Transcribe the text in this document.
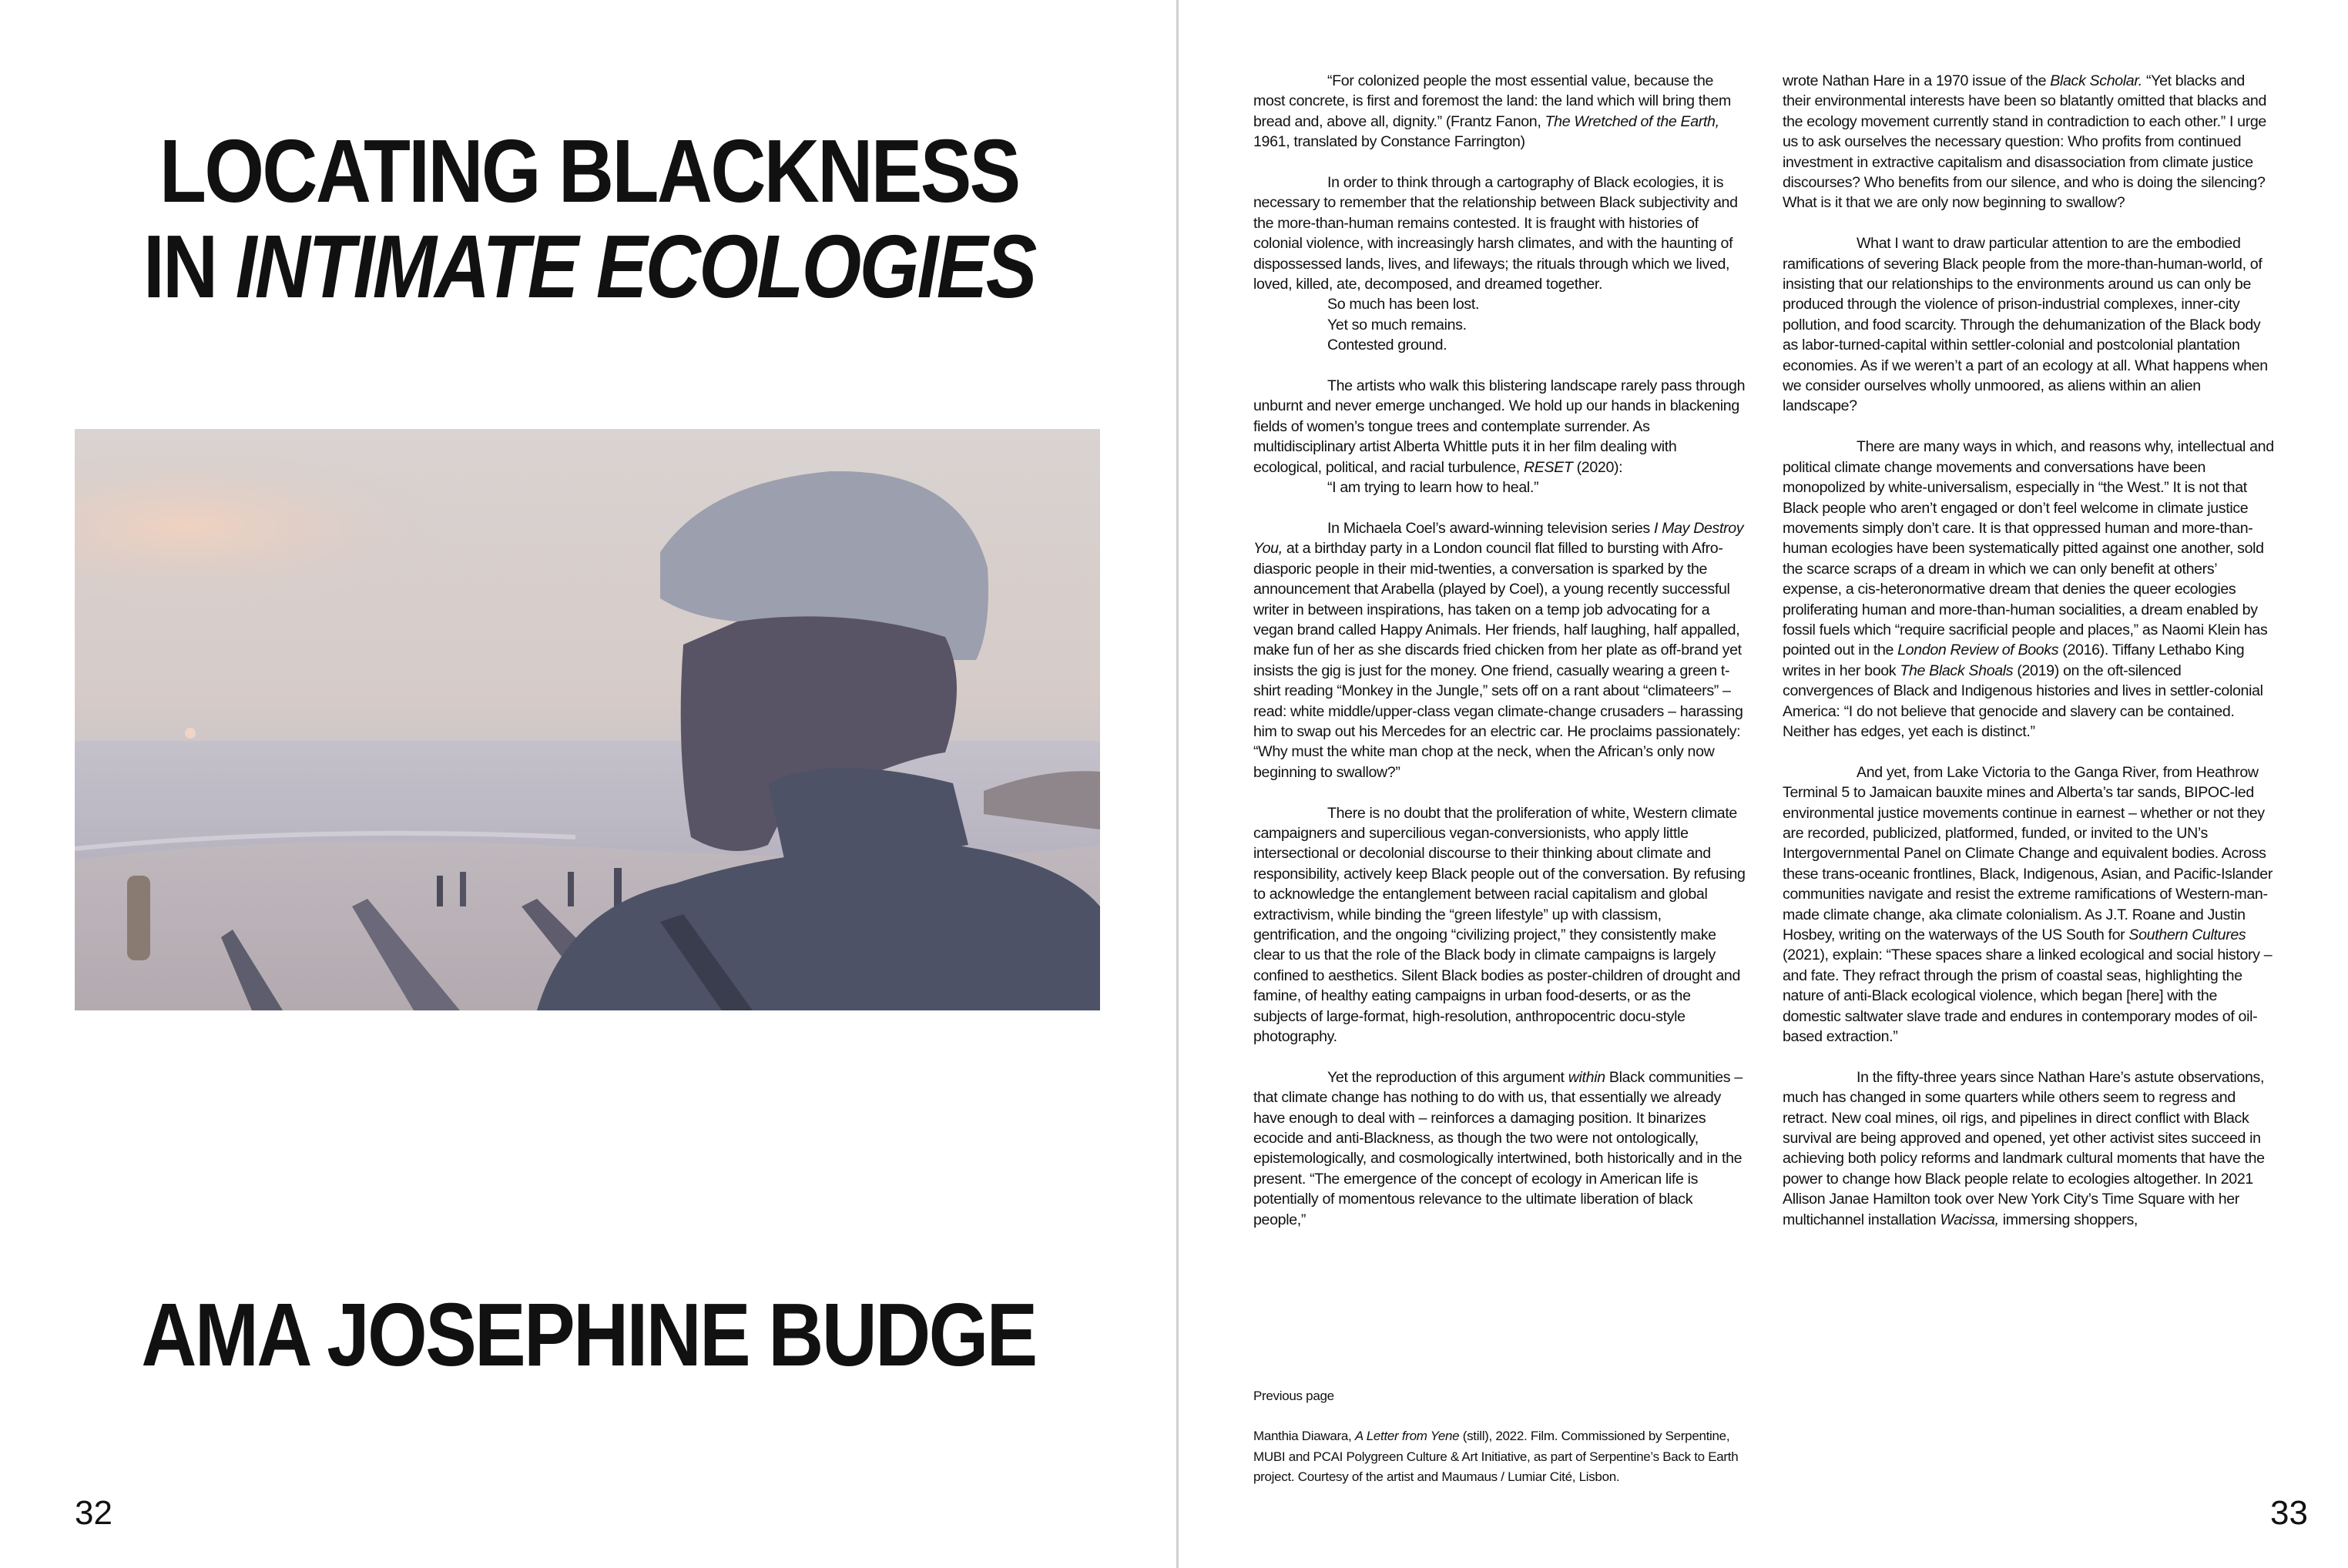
LOCATING BLACKNESS
IN INTIMATE ECOLOGIES
AMA JOSEPHINE BUDGE
32

“For colonized people the most essential value, because the most concrete, is first and foremost the land: the land which will bring them bread and, above all, dignity.” (Frantz Fanon, The Wretched of the Earth, 1961, translated by Constance Farrington)

In order to think through a cartography of Black ecologies, it is necessary to remember that the relationship between Black subjectivity and the more-than-human remains contested. It is fraught with histories of colonial violence, with increasingly harsh climates, and with the haunting of dispossessed lands, lives, and lifeways; the rituals through which we lived, loved, killed, ate, decomposed, and dreamed together.

So much has been lost.
Yet so much remains.
Contested ground.

The artists who walk this blistering landscape rarely pass through unburnt and never emerge unchanged. We hold up our hands in blackening fields of women’s tongue trees and contemplate surrender. As multidisciplinary artist Alberta Whittle puts it in her film dealing with ecological, political, and racial turbulence, RESET (2020):
“I am trying to learn how to heal.”

In Michaela Coel’s award-winning television series I May Destroy You, at a birthday party in a London council flat filled to bursting with Afro-diasporic people in their mid-twenties, a conversation is sparked by the announcement that Arabella (played by Coel), a young recently successful writer in between inspirations, has taken on a temp job advocating for a vegan brand called Happy Animals. Her friends, half laughing, half appalled, make fun of her as she discards fried chicken from her plate as off-brand yet insists the gig is just for the money. One friend, casually wearing a green t-shirt reading “Monkey in the Jungle,” sets off on a rant about “climateers” – read: white middle/upper-class vegan climate-change crusaders – harassing him to swap out his Mercedes for an electric car. He proclaims passionately: “Why must the white man chop at the neck, when the African’s only now beginning to swallow?”

There is no doubt that the proliferation of white, Western climate campaigners and supercilious vegan-conversionists, who apply little intersectional or decolonial discourse to their thinking about climate and responsibility, actively keep Black people out of the conversation. By refusing to acknowledge the entanglement between racial capitalism and global extractivism, while binding the “green lifestyle” up with classism, gentrification, and the ongoing “civilizing project,” they consistently make clear to us that the role of the Black body in climate campaigns is largely confined to aesthetics. Silent Black bodies as poster-children of drought and famine, of healthy eating campaigns in urban food-deserts, or as the subjects of large-format, high-resolution, anthropocentric docu-style photography.

Yet the reproduction of this argument within Black communities – that climate change has nothing to do with us, that essentially we already have enough to deal with – reinforces a damaging position. It binarizes ecocide and anti-Blackness, as though the two were not ontologically, epistemologically, and cosmologically intertwined, both historically and in the present. “The emergence of the concept of ecology in American life is potentially of momentous relevance to the ultimate liberation of black people,”

Previous page
Manthia Diawara, A Letter from Yene (still), 2022. Film. Commissioned by Serpentine, MUBI and PCAI Polygreen Culture & Art Initiative, as part of Serpentine’s Back to Earth project. Courtesy of the artist and Maumaus / Lumiar Cité, Lisbon.

wrote Nathan Hare in a 1970 issue of the Black Scholar. “Yet blacks and their environmental interests have been so blatantly omitted that blacks and the ecology movement currently stand in contradiction to each other.” I urge us to ask ourselves the necessary question: Who profits from continued investment in extractive capitalism and disassociation from climate justice discourses? Who benefits from our silence, and who is doing the silencing? What is it that we are only now beginning to swallow?

What I want to draw particular attention to are the embodied ramifications of severing Black people from the more-than-human-world, of insisting that our relationships to the environments around us can only be produced through the violence of prison-industrial complexes, inner-city pollution, and food scarcity. Through the dehumanization of the Black body as labor-turned-capital within settler-colonial and postcolonial plantation economies. As if we weren’t a part of an ecology at all. What happens when we consider ourselves wholly unmoored, as aliens within an alien landscape?

There are many ways in which, and reasons why, intellectual and political climate change movements and conversations have been monopolized by white-universalism, especially in “the West.” It is not that Black people who aren’t engaged or don’t feel welcome in climate justice movements simply don’t care. It is that oppressed human and more-than-human ecologies have been systematically pitted against one another, sold the scarce scraps of a dream in which we can only benefit at others’ expense, a cis-heteronormative dream that denies the queer ecologies proliferating human and more-than-human socialities, a dream enabled by fossil fuels which “require sacrificial people and places,” as Naomi Klein has pointed out in the London Review of Books (2016). Tiffany Lethabo King writes in her book The Black Shoals (2019) on the oft-silenced convergences of Black and Indigenous histories and lives in settler-colonial America: “I do not believe that genocide and slavery can be contained. Neither has edges, yet each is distinct.”

And yet, from Lake Victoria to the Ganga River, from Heathrow Terminal 5 to Jamaican bauxite mines and Alberta’s tar sands, BIPOC-led environmental justice movements continue in earnest – whether or not they are recorded, publicized, platformed, funded, or invited to the UN’s Intergovernmental Panel on Climate Change and equivalent bodies. Across these trans-oceanic frontlines, Black, Indigenous, Asian, and Pacific-Islander communities navigate and resist the extreme ramifications of Western-man-made climate change, aka climate colonialism. As J.T. Roane and Justin Hosbey, writing on the waterways of the US South for Southern Cultures (2021), explain: “These spaces share a linked ecological and social history – and fate. They refract through the prism of coastal seas, highlighting the nature of anti-Black ecological violence, which began [here] with the domestic saltwater slave trade and endures in contemporary modes of oil-based extraction.”

In the fifty-three years since Nathan Hare’s astute observations, much has changed in some quarters while others seem to regress and retract. New coal mines, oil rigs, and pipelines in direct conflict with Black survival are being approved and opened, yet other activist sites succeed in achieving both policy reforms and landmark cultural moments that have the power to change how Black people relate to ecologies altogether. In 2021 Allison Janae Hamilton took over New York City’s Time Square with her multichannel installation Wacissa, immersing shoppers,

33
